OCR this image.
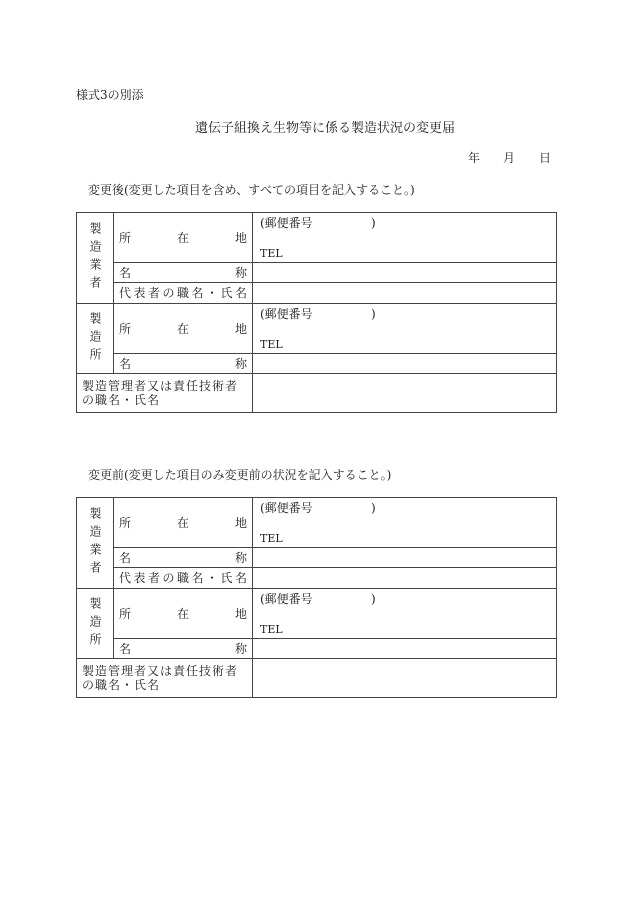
様式3の別添
遺伝子組換え生物等に係る製造状況の変更届
年 月 日
変更後(変更した項目を含め、すべての項目を記入すること。)
変更前(変更した項目のみ変更前の状況を記入すること。)
製造業者	所在地	(郵便番号 )
TEL

	名称	
	代表者の職名・氏名	

製造所	所在地	(郵便番号 )
TEL

	名称	
製造管理者又は責任技術者の職名・氏名		
製造業者	所在地	(郵便番号 )
TEL

	名称	
	代表者の職名・氏名	

製造所	所在地	(郵便番号 )
TEL

	名称	
製造管理者又は責任技術者の職名・氏名		
